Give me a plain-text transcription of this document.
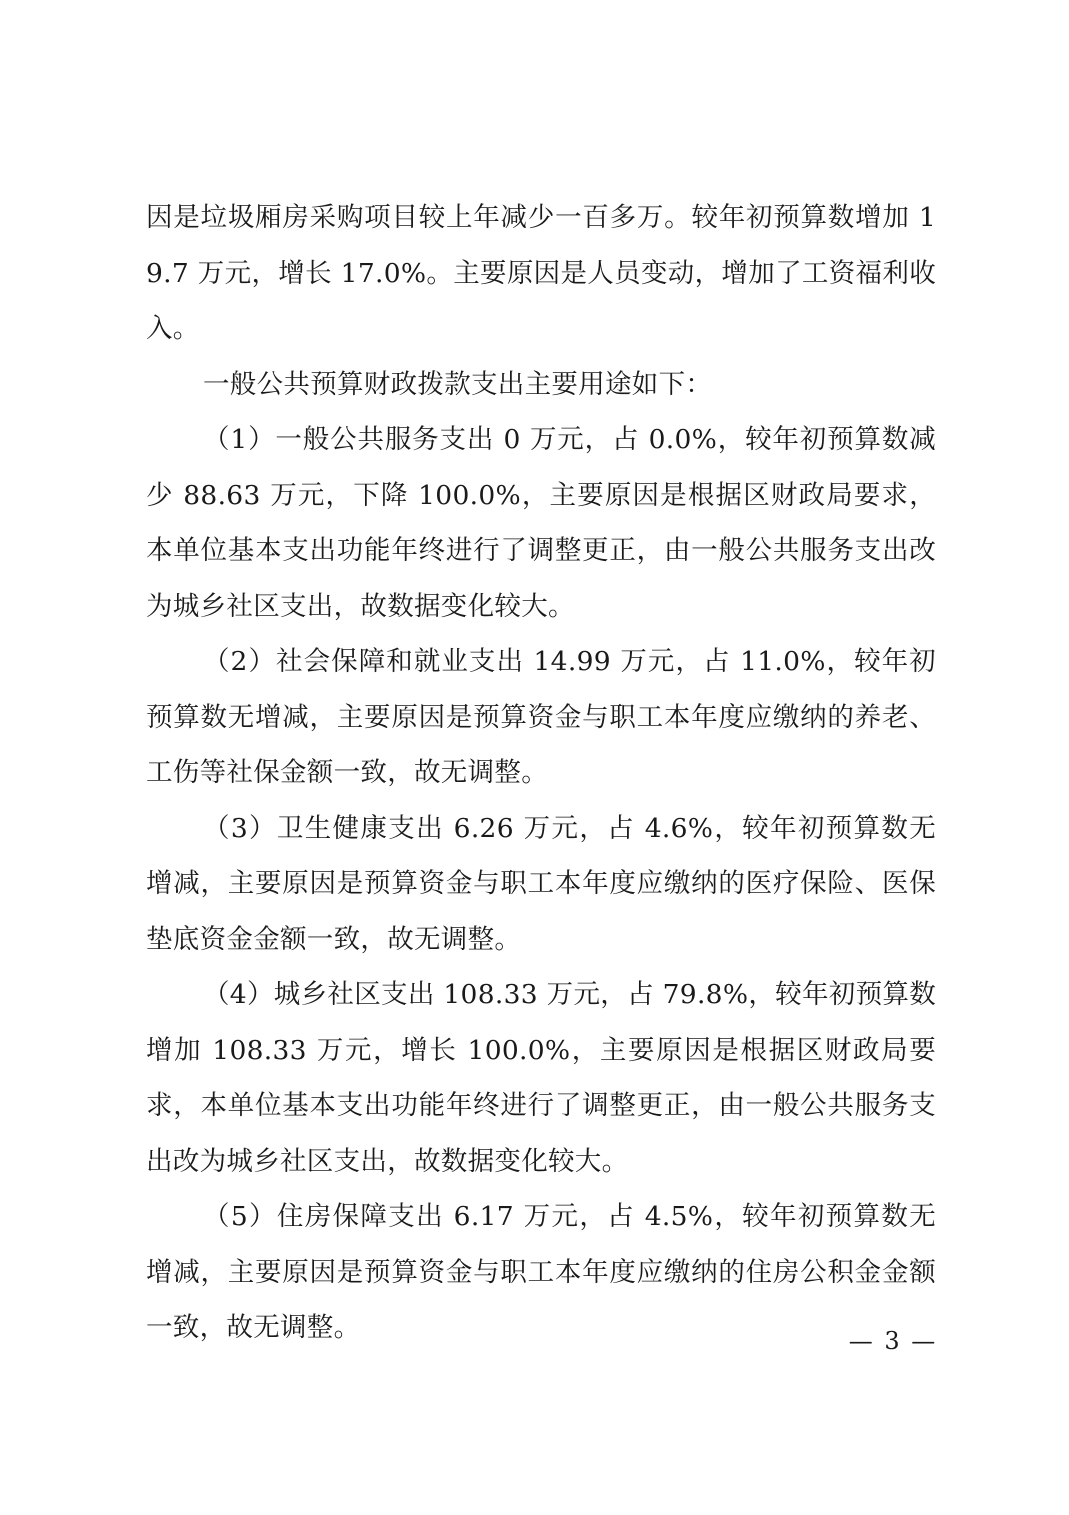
因是垃圾厢房采购项目较上年减少一百多万。较年初预算数增加 19.7 万元，增长 17.0%。主要原因是人员变动，增加了工资福利收入。

一般公共预算财政拨款支出主要用途如下：

（1）一般公共服务支出 0 万元，占 0.0%，较年初预算数减少 88.63 万元，下降 100.0%，主要原因是根据区财政局要求，本单位基本支出功能年终进行了调整更正，由一般公共服务支出改为城乡社区支出，故数据变化较大。

（2）社会保障和就业支出 14.99 万元，占 11.0%，较年初预算数无增减，主要原因是预算资金与职工本年度应缴纳的养老、工伤等社保金额一致，故无调整。

（3）卫生健康支出 6.26 万元，占 4.6%，较年初预算数无增减，主要原因是预算资金与职工本年度应缴纳的医疗保险、医保垫底资金金额一致，故无调整。

（4）城乡社区支出 108.33 万元，占 79.8%，较年初预算数增加 108.33 万元，增长 100.0%，主要原因是根据区财政局要求，本单位基本支出功能年终进行了调整更正，由一般公共服务支出改为城乡社区支出，故数据变化较大。

（5）住房保障支出 6.17 万元，占 4.5%，较年初预算数无增减，主要原因是预算资金与职工本年度应缴纳的住房公积金金额一致，故无调整。	— 3 —
